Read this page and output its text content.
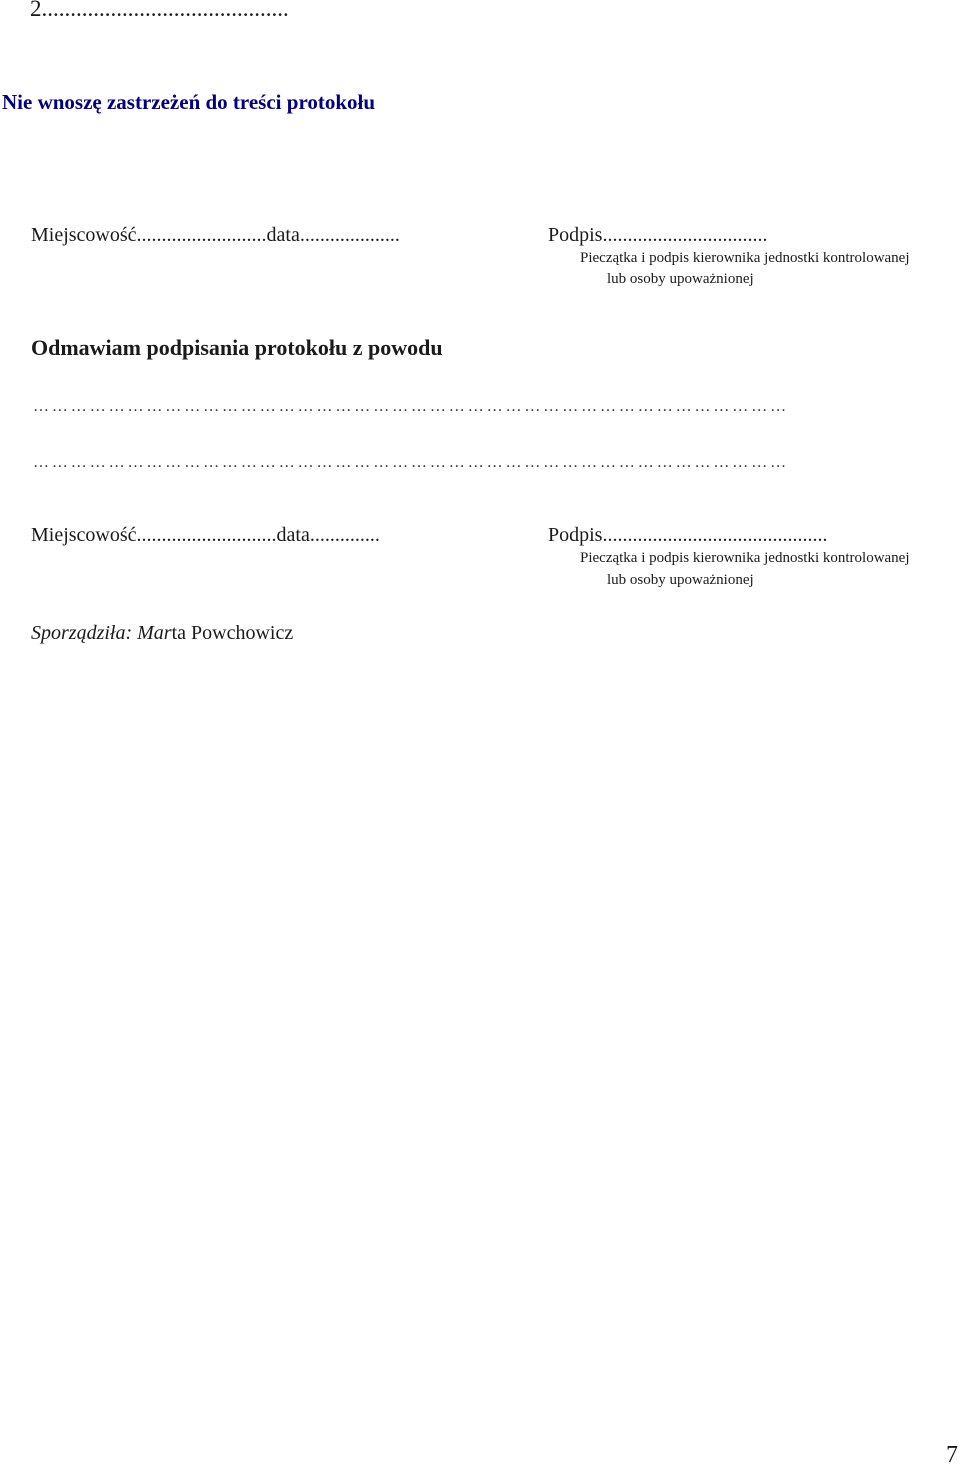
2...........................................
Nie wnoszę zastrzeżeń do treści protokołu
Miejscowość..........................data....................	Podpis.................................
Pieczątka i podpis kierownika jednostki kontrolowanej
lub osoby upoważnionej
Odmawiam podpisania protokołu z powodu
…………………………………………………………………………………………………………
…………………………………………………………………………………………………………
Miejscowość............................data..............	Podpis.............................................
Pieczątka i podpis kierownika jednostki kontrolowanej
lub osoby upoważnionej
Sporządziła: Marta Powchowicz
7
